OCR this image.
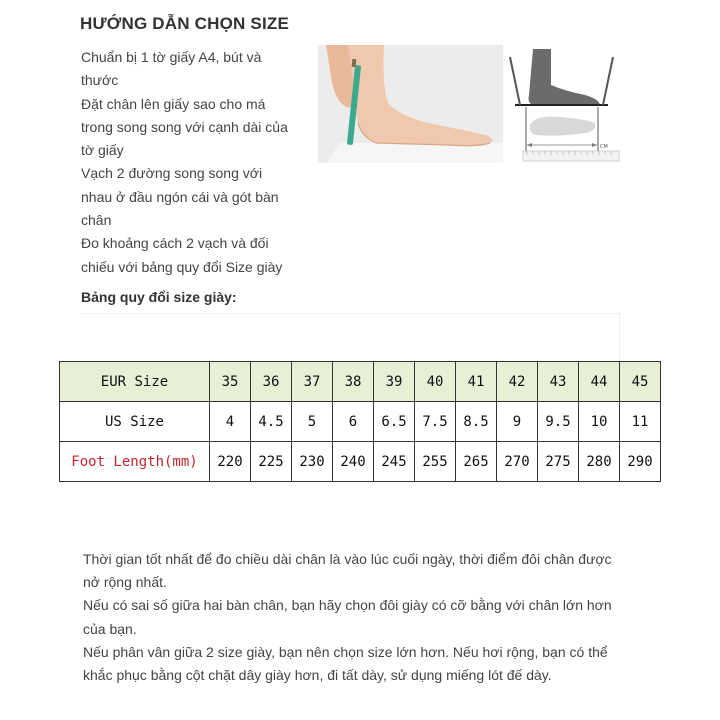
HƯỚNG DẪN CHỌN SIZE
Chuẩn bị 1 tờ giấy A4, bút và thước
Đặt chân lên giấy sao cho má trong song song với cạnh dài của tờ giấy
Vạch 2 đường song song với nhau ở đầu ngón cái và gót bàn chân
Đo khoảng cách 2 vạch và đối chiếu với bảng quy đổi Size giày
CM
Bảng quy đổi size giày:
EUR Size	35	36	37	38	39	40	41	42	43	44	45
US Size	4	4.5	5	6	6.5	7.5	8.5	9	9.5	10	11
Foot Length(mm)	220	225	230	240	245	255	265	270	275	280	290
Thời gian tốt nhất để đo chiều dài chân là vào lúc cuối ngày, thời điểm đôi chân được nở rộng nhất.
Nếu có sai số giữa hai bàn chân, bạn hãy chọn đôi giày có cỡ bằng với chân lớn hơn của bạn.
Nếu phân vân giữa 2 size giày, bạn nên chọn size lớn hơn. Nếu hơi rộng, bạn có thể khắc phục bằng cột chặt dây giày hơn, đi tất dày, sử dụng miếng lót đế dày.
